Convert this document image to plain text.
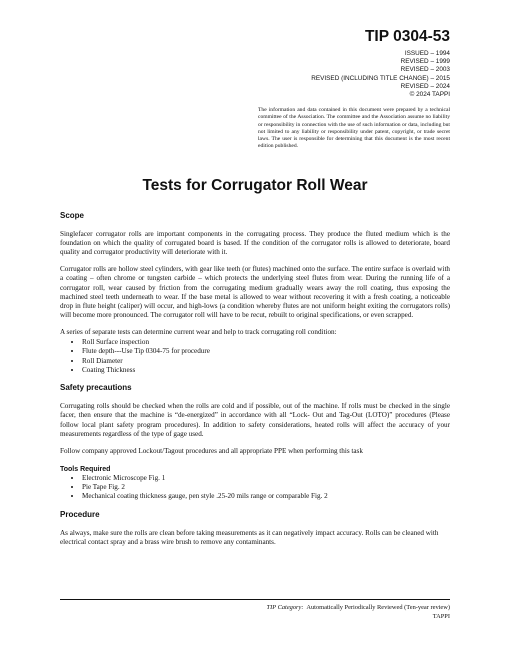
TIP 0304-53
ISSUED – 1994
REVISED – 1999
REVISED – 2003
REVISED (INCLUDING TITLE CHANGE) – 2015
REVISED – 2024
© 2024 TAPPI
The information and data contained in this document were prepared by a technical committee of the Association. The committee and the Association assume no liability or responsibility in connection with the use of such information or data, including but not limited to any liability or responsibility under patent, copyright, or trade secret laws. The user is responsible for determining that this document is the most recent edition published.
Tests for Corrugator Roll Wear
Scope

Singlefacer corrugator rolls are important components in the corrugating process. They produce the fluted medium which is the foundation on which the quality of corrugated board is based. If the condition of the corrugator rolls is allowed to deteriorate, board quality and corrugator productivity will deteriorate with it.

Corrugator rolls are hollow steel cylinders, with gear like teeth (or flutes) machined onto the surface. The entire surface is overlaid with a coating – often chrome or tungsten carbide – which protects the underlying steel flutes from wear. During the running life of a corrugator roll, wear caused by friction from the corrugating medium gradually wears away the roll coating, thus exposing the machined steel teeth underneath to wear. If the base metal is allowed to wear without recovering it with a fresh coating, a noticeable drop in flute height (caliper) will occur, and high-lows (a condition whereby flutes are not uniform height exiting the corrugators rolls) will become more pronounced. The corrugator roll will have to be recut, rebuilt to original specifications, or even scrapped.

A series of separate tests can determine current wear and help to track corrugating roll condition:

• Roll Surface inspection
• Flute depth---Use Tip 0304-75 for procedure
• Roll Diameter
• Coating Thickness
Safety precautions

Corrugating rolls should be checked when the rolls are cold and if possible, out of the machine. If rolls must be checked in the single facer, then ensure that the machine is “de-energized” in accordance with all “Lock- Out and Tag-Out (LOTO)” procedures (Please follow local plant safety program procedures). In addition to safety considerations, heated rolls will affect the accuracy of your measurements regardless of the type of gage used.

Follow company approved Lockout/Tagout procedures and all appropriate PPE when performing this task

Tools Required
• Electronic Microscope Fig. 1
• Pie Tape Fig. 2
• Mechanical coating thickness gauge, pen style .25-20 mils range or comparable Fig. 2
Procedure

As always, make sure the rolls are clean before taking measurements as it can negatively impact accuracy. Rolls can be cleaned with electrical contact spray and a brass wire brush to remove any contaminants.

TIP Category:  Automatically Periodically Reviewed (Ten-year review)
TAPPI
